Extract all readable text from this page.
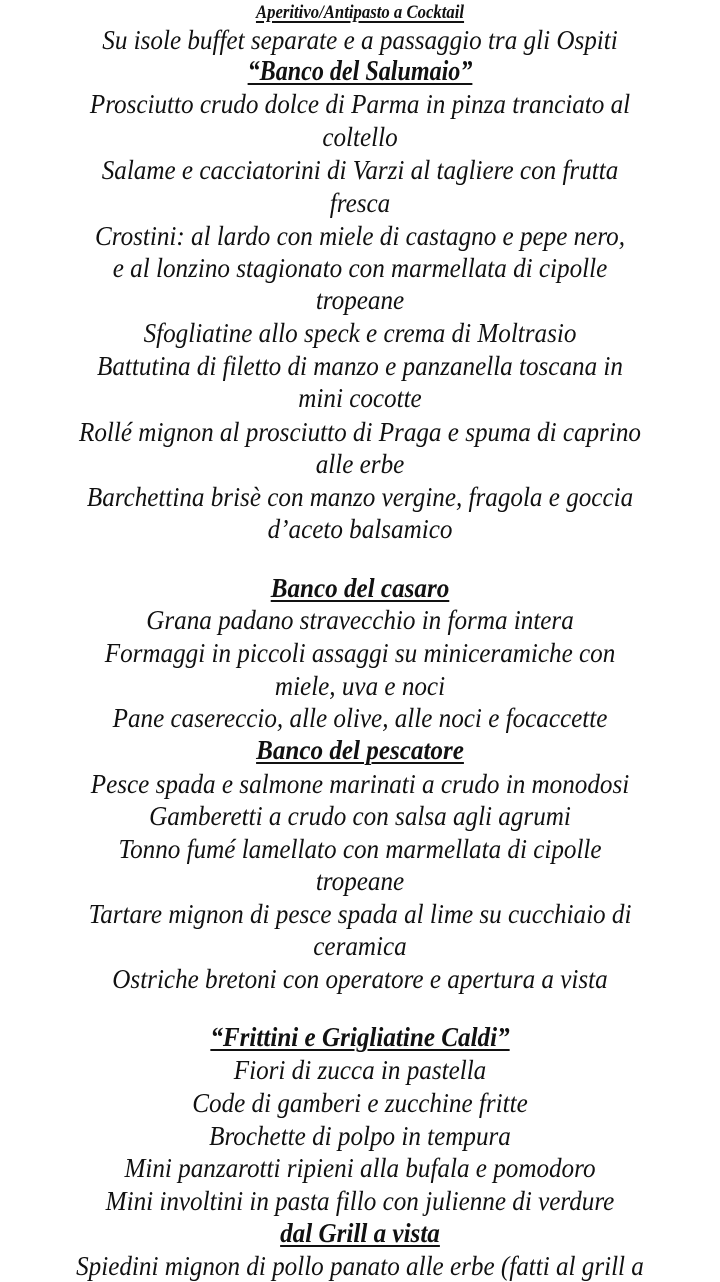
Aperitivo/Antipasto a Cocktail
Su isole buffet separate e a passaggio tra gli Ospiti
“Banco del Salumaio”
Prosciutto crudo dolce di Parma in pinza tranciato al
coltello
Salame e cacciatorini di Varzi al tagliere con frutta
fresca
Crostini: al lardo con miele di castagno e pepe nero,
e al lonzino stagionato con marmellata di cipolle
tropeane
Sfogliatine allo speck e crema di Moltrasio
Battutina di filetto di manzo e panzanella toscana in
mini cocotte
Rollé mignon al prosciutto di Praga e spuma di caprino
alle erbe
Barchettina brisè con manzo vergine, fragola e goccia
d’aceto balsamico
Banco del casaro
Grana padano stravecchio in forma intera
Formaggi in piccoli assaggi su miniceramiche con
miele, uva e noci
Pane casereccio, alle olive, alle noci e focaccette
Banco del pescatore
Pesce spada e salmone marinati a crudo in monodosi
Gamberetti a crudo con salsa agli agrumi
Tonno fumé lamellato con marmellata di cipolle
tropeane
Tartare mignon di pesce spada al lime su cucchiaio di
ceramica
Ostriche bretoni con operatore e apertura a vista
“Frittini e Grigliatine Caldi”
Fiori di zucca in pastella
Code di gamberi e zucchine fritte
Brochette di polpo in tempura
Mini panzarotti ripieni alla bufala e pomodoro
Mini involtini in pasta fillo con julienne di verdure
dal Grill a vista
Spiedini mignon di pollo panato alle erbe (fatti al grill a
